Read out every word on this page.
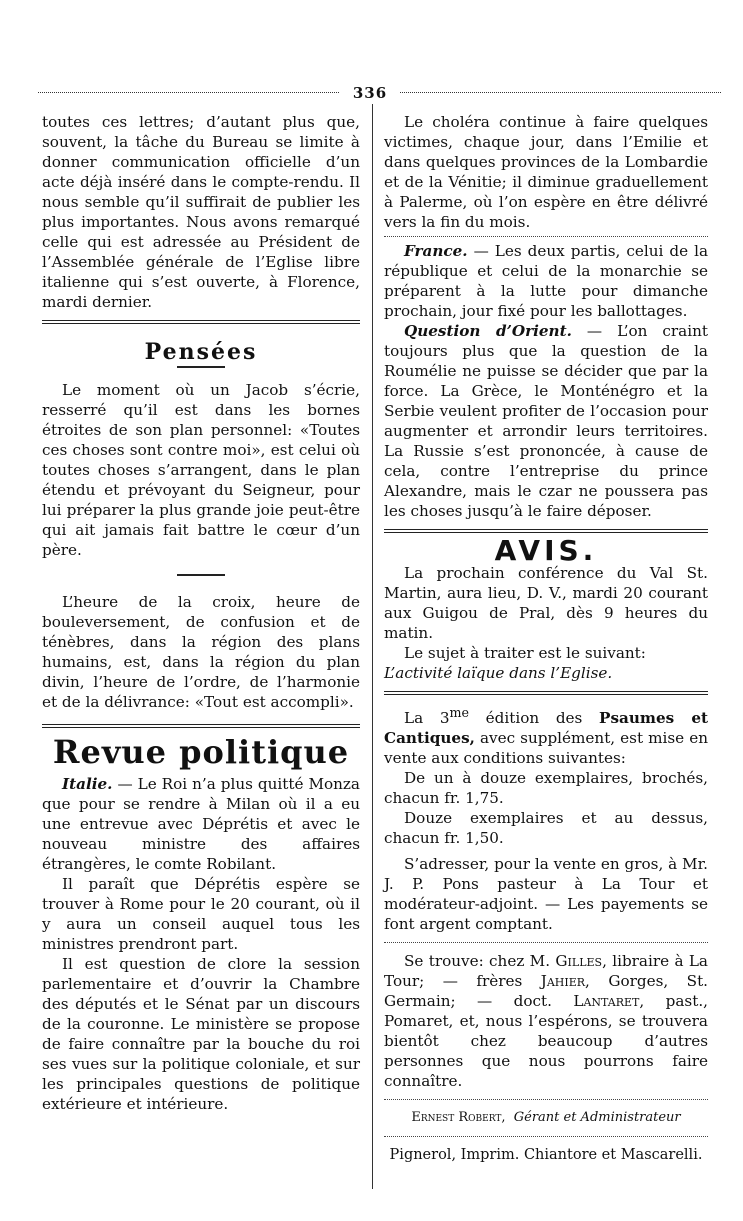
336

toutes ces lettres; d’autant plus que, souvent, la tâche du Bureau se limite à donner communication officielle d’un acte déjà inséré dans le compte-rendu. Il nous semble qu’il suffirait de publier les plus importantes. Nous avons remarqué celle qui est adressée au Président de l’Assemblée générale de l’Eglise libre italienne qui s’est ouverte, à Florence, mardi dernier.

Pensées

Le moment où un Jacob s’écrie, resserré qu’il est dans les bornes étroites de son plan personnel: «Toutes ces choses sont contre moi», est celui où toutes choses s’arrangent, dans le plan étendu et prévoyant du Seigneur, pour lui préparer la plus grande joie peut-être qui ait jamais fait battre le cœur d’un père.

L’heure de la croix, heure de bouleversement, de confusion et de ténèbres, dans la région des plans humains, est, dans la région du plan divin, l’heure de l’ordre, de l’harmonie et de la délivrance: «Tout est accompli».

Revue politique

Italie. — Le Roi n’a plus quitté Monza que pour se rendre à Milan où il a eu une entrevue avec Déprétis et avec le nouveau ministre des affaires étrangères, le comte Robilant.

Il paraît que Déprétis espère se trouver à Rome pour le 20 courant, où il y aura un conseil auquel tous les ministres prendront part.

Il est question de clore la session parlementaire et d’ouvrir la Chambre des députés et le Sénat par un discours de la couronne. Le ministère se propose de faire connaître par la bouche du roi ses vues sur la politique coloniale, et sur les principales questions de politique extérieure et intérieure.

Le choléra continue à faire quelques victimes, chaque jour, dans l’Emilie et dans quelques provinces de la Lombardie et de la Vénitie; il diminue graduellement à Palerme, où l’on espère en être délivré vers la fin du mois.

France. — Les deux partis, celui de la république et celui de la monarchie se préparent à la lutte pour dimanche prochain, jour fixé pour les ballottages.

Question d’Orient. — L’on craint toujours plus que la question de la Roumélie ne puisse se décider que par la force. La Grèce, le Monténégro et la Serbie veulent profiter de l’occasion pour augmenter et arrondir leurs territoires. La Russie s’est prononcée, à cause de cela, contre l’entreprise du prince Alexandre, mais le czar ne poussera pas les choses jusqu’à le faire déposer.

AVIS.

La prochain conférence du Val St. Martin, aura lieu, D. V., mardi 20 courant aux Guigou de Pral, dès 9 heures du matin.

Le sujet à traiter est le suivant:
L’activité laïque dans l’Eglise.

La $3^{me}$ édition des Psaumes et Cantiques, avec supplément, est mise en vente aux conditions suivantes:

De un à douze exemplaires, brochés, chacun fr. 1,75.

Douze exemplaires et au dessus, chacun fr. 1,50.

S’adresser, pour la vente en gros, à Mr. J. P. Pons pasteur à La Tour et modérateur-adjoint. — Les payements se font argent comptant.

Se trouve: chez M. Gilles, libraire à La Tour; — frères Jahier, Gorges, St. Germain; — doct. Lantaret, past., Pomaret, et, nous l’espérons, se trouvera bientôt chez beaucoup d’autres personnes que nous pourrons faire connaître.

Ernest Robert, Gérant et Administrateur

Pignerol, Imprim. Chiantore et Mascarelli.
